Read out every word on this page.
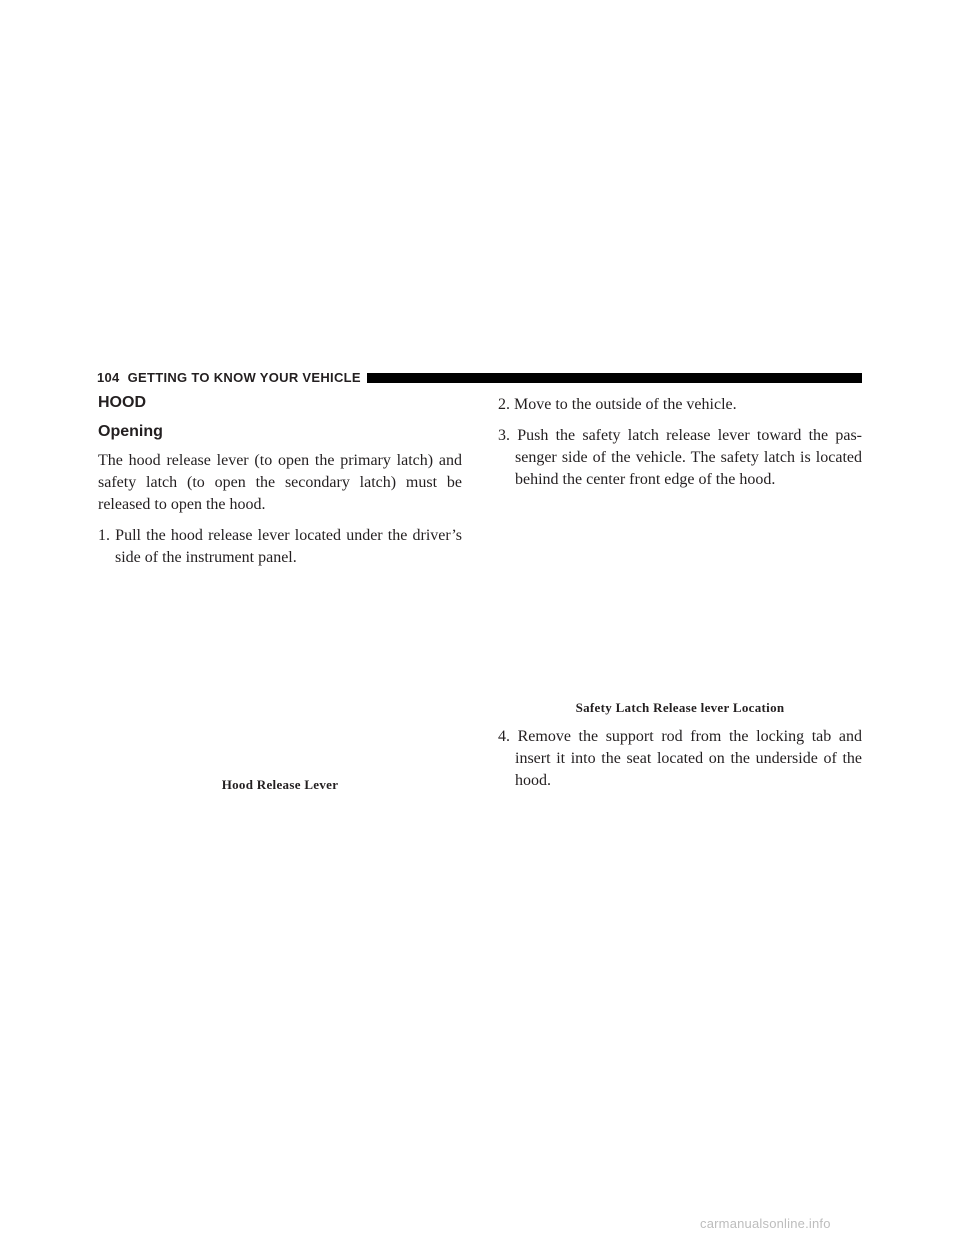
104 GETTING TO KNOW YOUR VEHICLE
HOOD
Opening

The hood release lever (to open the primary latch) and safety latch (to open the secondary latch) must be released to open the hood.

1. Pull the hood release lever located under the driver’s side of the instrument panel.

Hood Release Lever

2. Move to the outside of the vehicle.

3. Push the safety latch release lever toward the pas-senger side of the vehicle. The safety latch is located behind the center front edge of the hood.

Safety Latch Release lever Location

4. Remove the support rod from the locking tab and insert it into the seat located on the underside of the hood.

carmanualsonline.info
